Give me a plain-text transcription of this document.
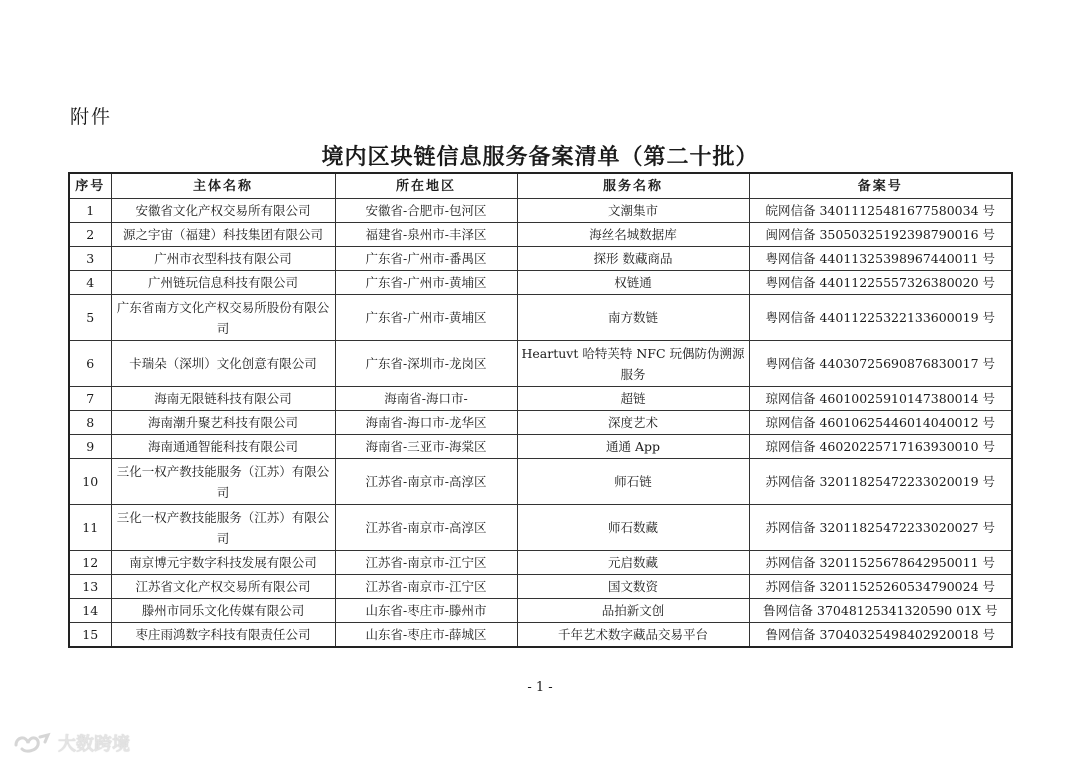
附件
境内区块链信息服务备案清单（第二十批）
序号	主体名称	所在地区	服务名称	备案号
1	安徽省文化产权交易所有限公司	安徽省-合肥市-包河区	文潮集市	皖网信备 34011125481677580034 号
2	源之宇宙（福建）科技集团有限公司	福建省-泉州市-丰泽区	海丝名城数据库	闽网信备 35050325192398790016 号
3	广州市衣型科技有限公司	广东省-广州市-番禺区	探形 数藏商品	粤网信备 44011325398967440011 号
4	广州链玩信息科技有限公司	广东省-广州市-黄埔区	权链通	粤网信备 44011225557326380020 号
5	广东省南方文化产权交易所股份有限公司	广东省-广州市-黄埔区	南方数链	粤网信备 44011225322133600019 号
6	卡瑞朵（深圳）文化创意有限公司	广东省-深圳市-龙岗区	Heartuvt 哈特芙特 NFC 玩偶防伪溯源服务	粤网信备 44030725690876830017 号
7	海南无限链科技有限公司	海南省-海口市-	超链	琼网信备 46010025910147380014 号
8	海南潮升聚艺科技有限公司	海南省-海口市-龙华区	深度艺术	琼网信备 46010625446014040012 号
9	海南通通智能科技有限公司	海南省-三亚市-海棠区	通通 App	琼网信备 46020225717163930010 号
10	三化一权产教技能服务（江苏）有限公司	江苏省-南京市-高淳区	师石链	苏网信备 32011825472233020019 号
11	三化一权产教技能服务（江苏）有限公司	江苏省-南京市-高淳区	师石数藏	苏网信备 32011825472233020027 号
12	南京博元宇数字科技发展有限公司	江苏省-南京市-江宁区	元启数藏	苏网信备 32011525678642950011 号
13	江苏省文化产权交易所有限公司	江苏省-南京市-江宁区	国文数资	苏网信备 32011525260534790024 号
14	滕州市同乐文化传媒有限公司	山东省-枣庄市-滕州市	品拍新文创	鲁网信备 37048125341320590 01X 号
15	枣庄雨鸿数字科技有限责任公司	山东省-枣庄市-薛城区	千年艺术数字藏品交易平台	鲁网信备 37040325498402920018 号
- 1 -
大数跨境
